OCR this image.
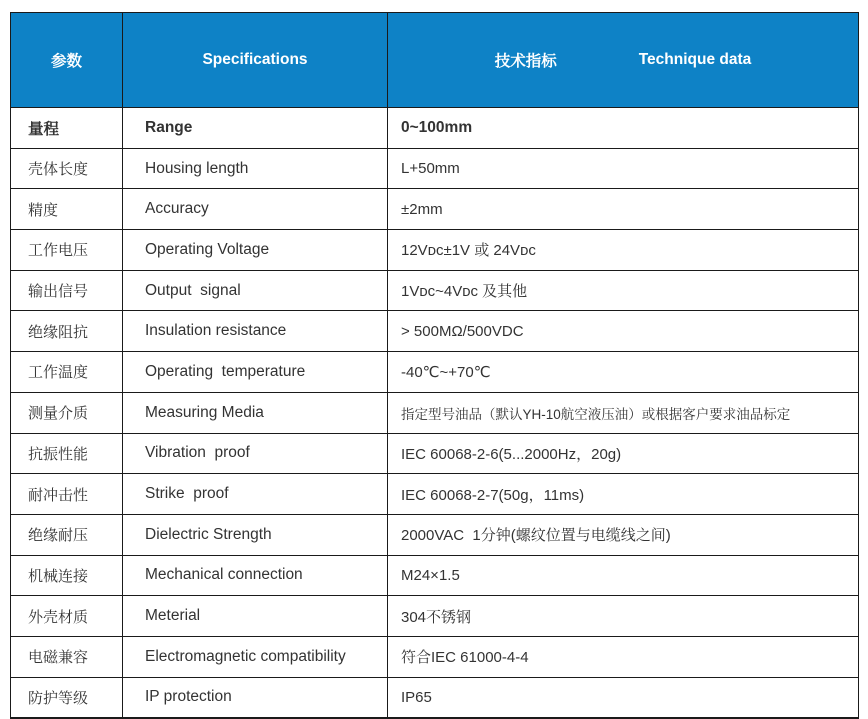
参数	Specifications	技术指标 Technique data

量程	Range	0~100mm
壳体长度	Housing length	L+50mm
精度	Accuracy	±2mm
工作电压	Operating Voltage	12Vᴅᴄ±1V 或 24Vᴅᴄ
输出信号	Output  signal	1Vᴅᴄ~4Vᴅᴄ 及其他
绝缘阻抗	Insulation resistance	> 500MΩ/500VDC
工作温度	Operating  temperature	-40℃~+70℃
测量介质	Measuring Media	指定型号油品（默认YH-10航空液压油）或根据客户要求油品标定
抗振性能	Vibration  proof	IEC 60068-2-6(5...2000Hz，20g)
耐冲击性	Strike  proof	IEC 60068-2-7(50g，11ms)
绝缘耐压	Dielectric Strength	2000VAC  1分钟(螺纹位置与电缆线之间)
机械连接	Mechanical connection	M24×1.5
外壳材质	Meterial	304不锈钢
电磁兼容	Electromagnetic compatibility	符合IEC 61000-4-4
防护等级	IP protection	IP65
